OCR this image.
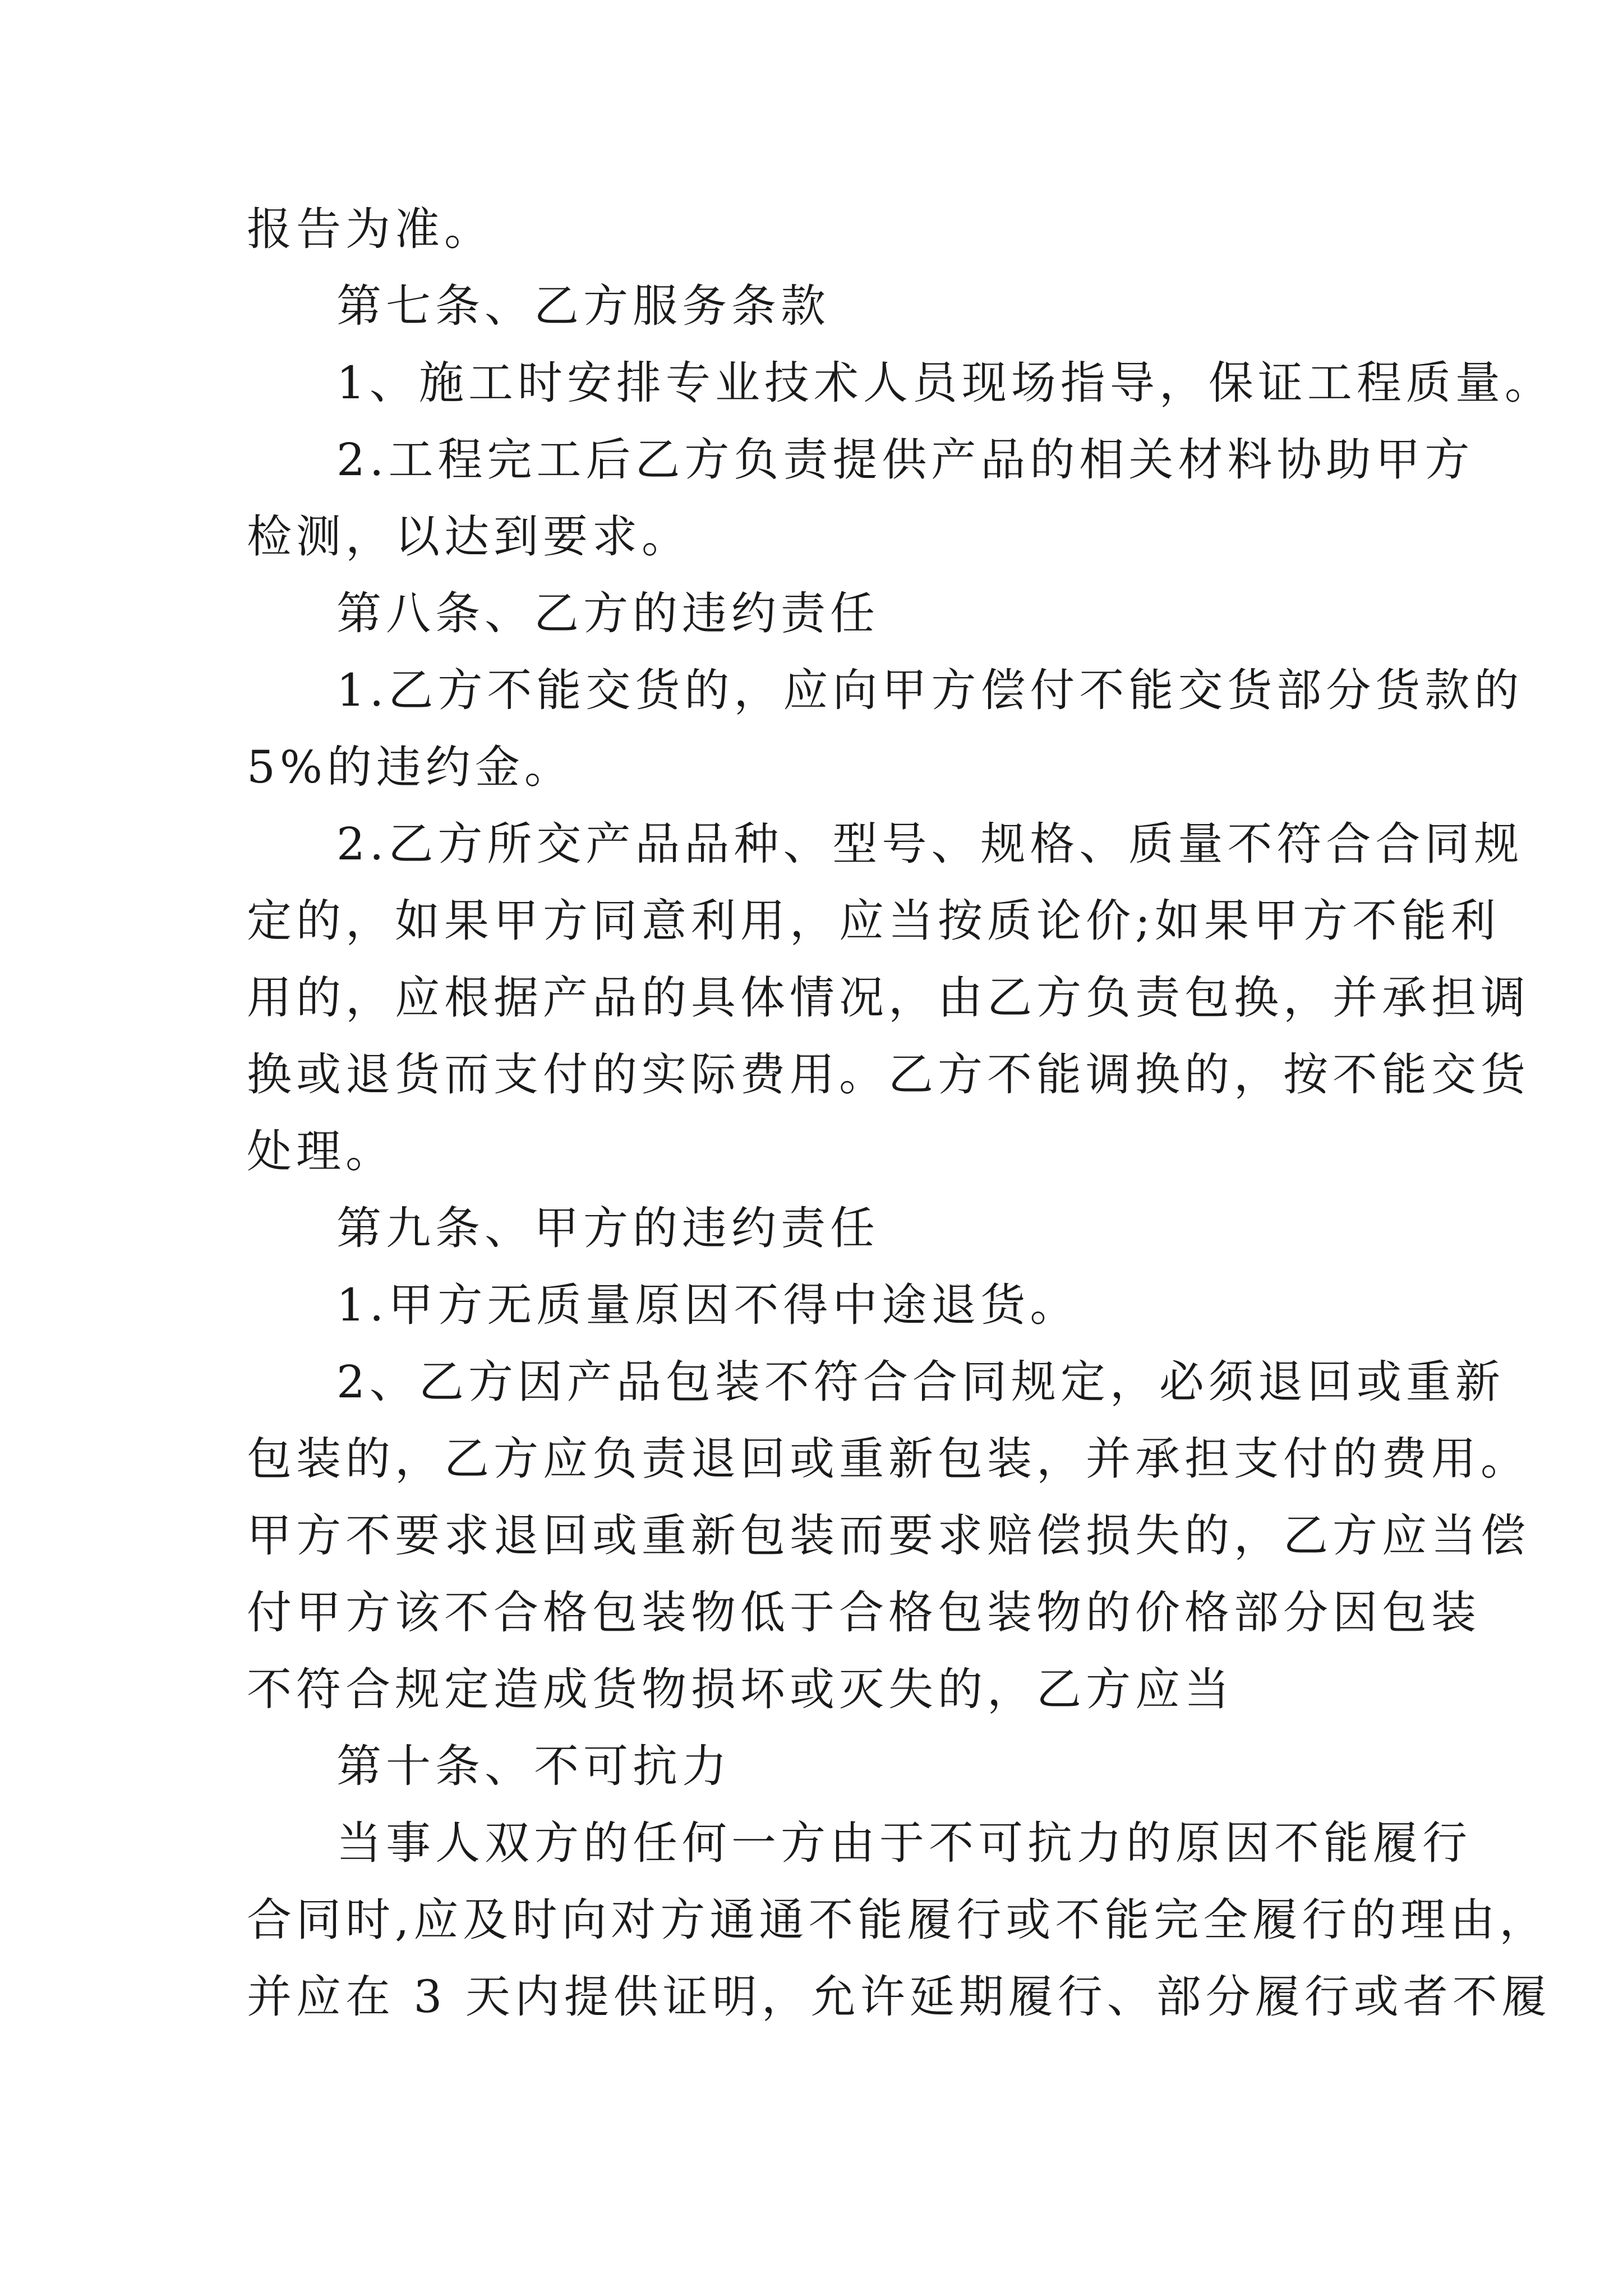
报告为准。
第七条、乙方服务条款
1、施工时安排专业技术人员现场指导，保证工程质量。
2.工程完工后乙方负责提供产品的相关材料协助甲方
检测，以达到要求。
第八条、乙方的违约责任
1.乙方不能交货的，应向甲方偿付不能交货部分货款的
5%的违约金。
2.乙方所交产品品种、型号、规格、质量不符合合同规
定的，如果甲方同意利用，应当按质论价;如果甲方不能利
用的，应根据产品的具体情况，由乙方负责包换，并承担调
换或退货而支付的实际费用。乙方不能调换的，按不能交货
处理。
第九条、甲方的违约责任
1.甲方无质量原因不得中途退货。
2、乙方因产品包装不符合合同规定，必须退回或重新
包装的，乙方应负责退回或重新包装，并承担支付的费用。
甲方不要求退回或重新包装而要求赔偿损失的，乙方应当偿
付甲方该不合格包装物低于合格包装物的价格部分因包装
不符合规定造成货物损坏或灭失的，乙方应当
第十条、不可抗力
当事人双方的任何一方由于不可抗力的原因不能履行
合同时,应及时向对方通通不能履行或不能完全履行的理由，
并应在 3 天内提供证明，允许延期履行、部分履行或者不履
